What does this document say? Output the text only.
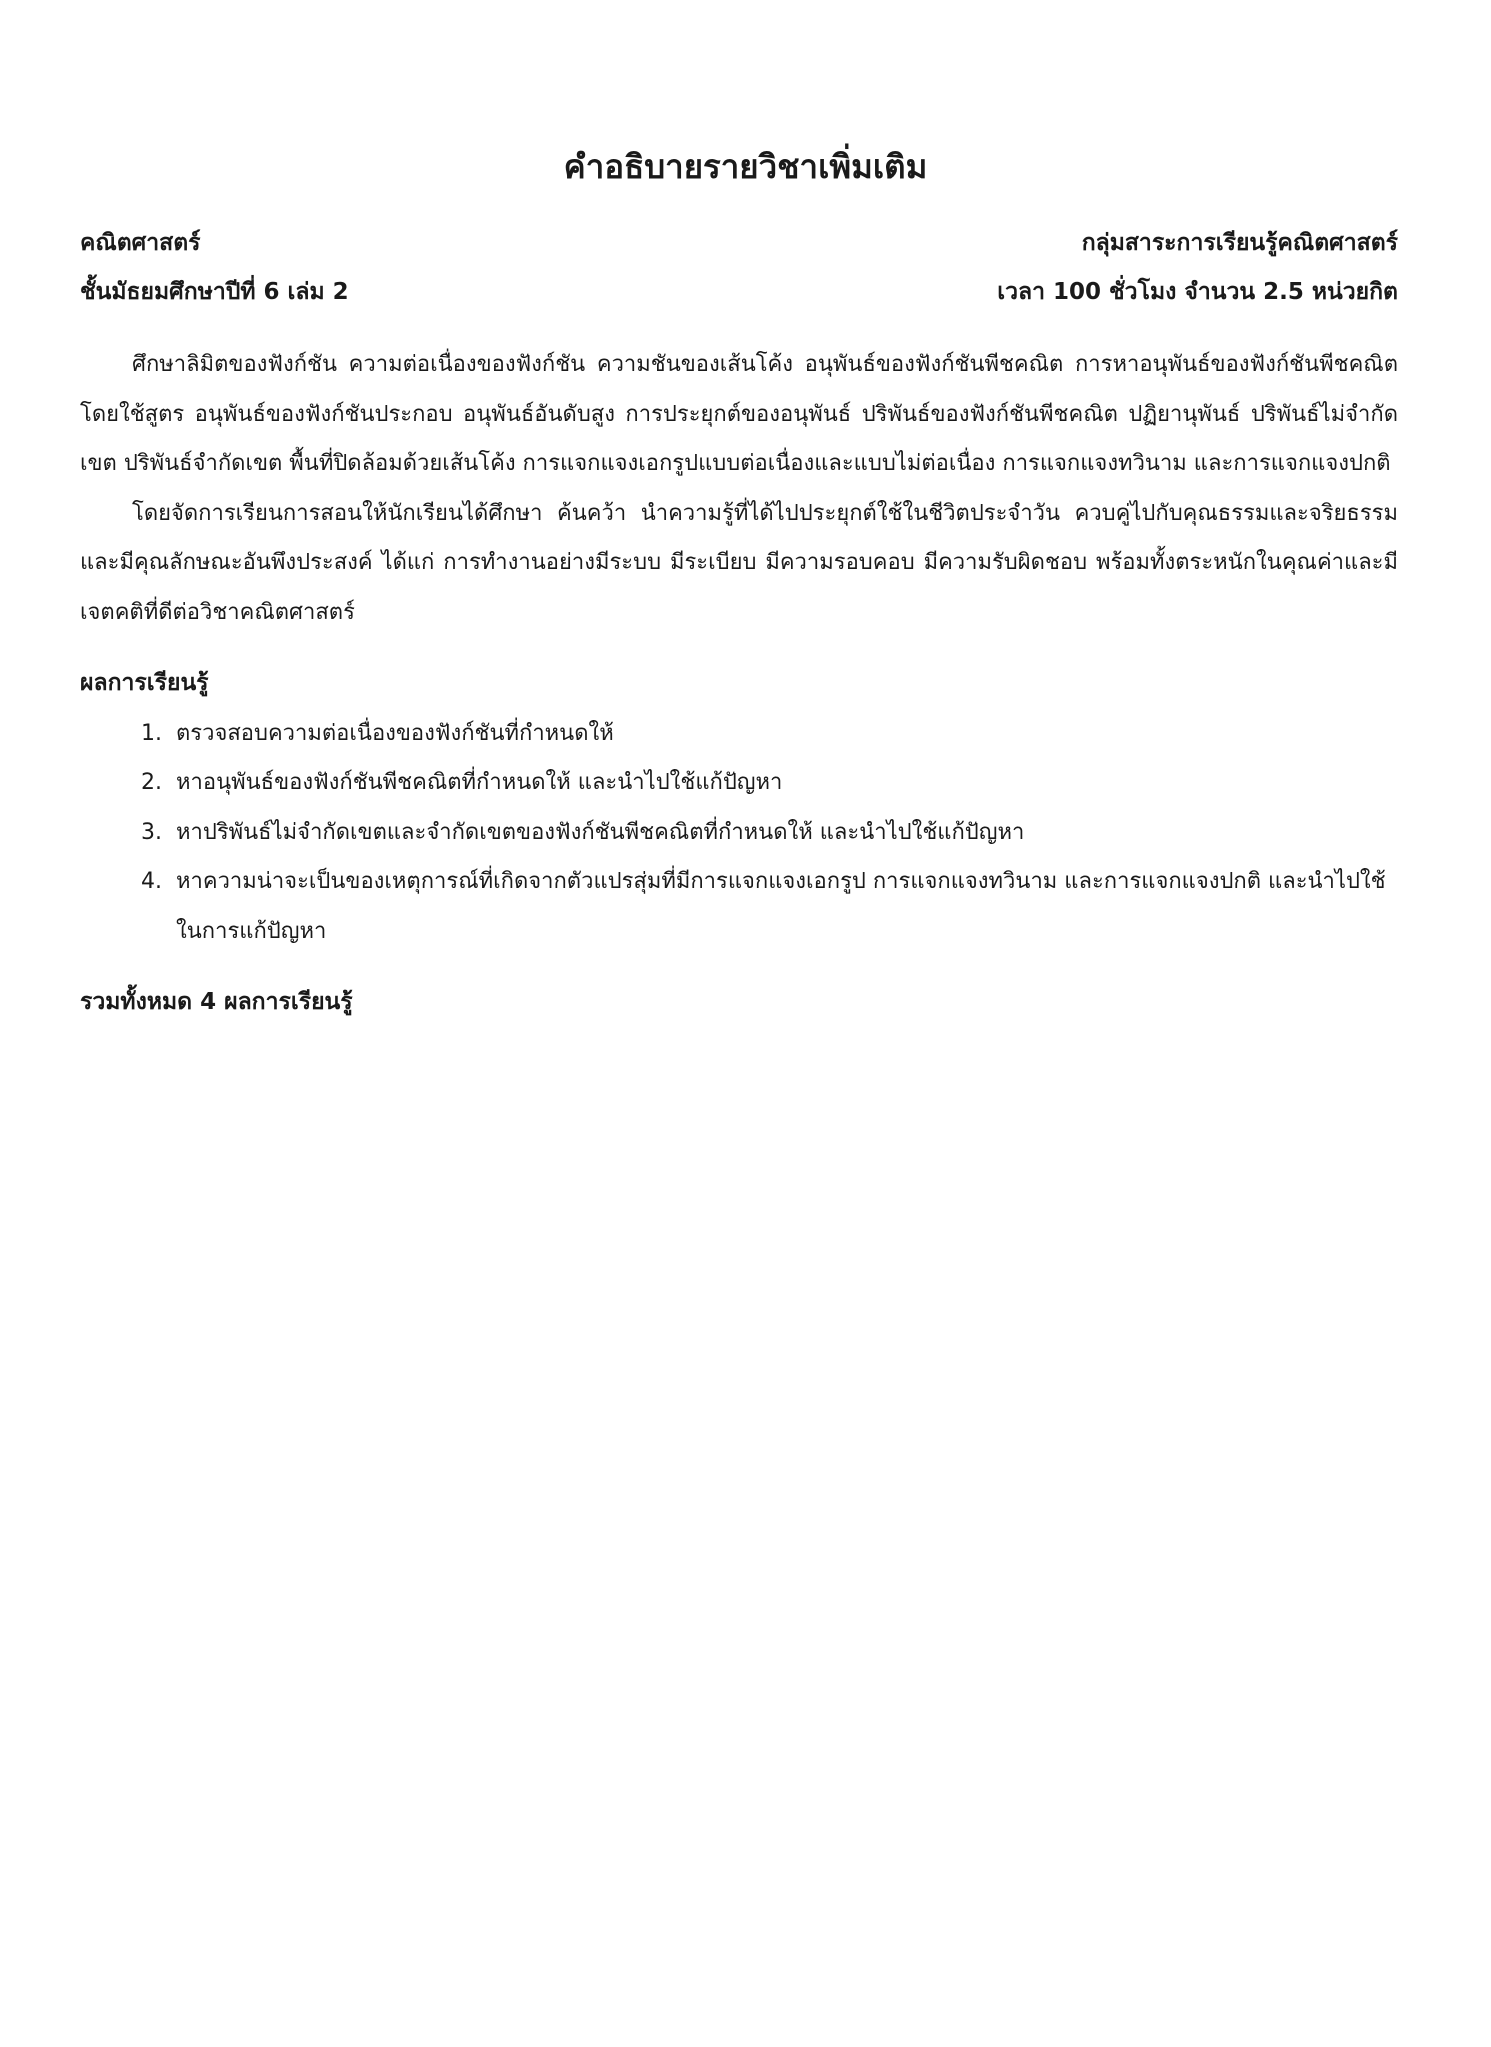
คำอธิบายรายวิชาเพิ่มเติม
คณิตศาสตร์	กลุ่มสาระการเรียนรู้คณิตศาสตร์
ชั้นมัธยมศึกษาปีที่ 6 เล่ม 2	เวลา 100 ชั่วโมง จำนวน 2.5 หน่วยกิต

ศึกษาลิมิตของฟังก์ชัน ความต่อเนื่องของฟังก์ชัน ความชันของเส้นโค้ง อนุพันธ์ของฟังก์ชันพีชคณิต การหาอนุพันธ์ของฟังก์ชันพีชคณิตโดยใช้สูตร อนุพันธ์ของฟังก์ชันประกอบ อนุพันธ์อันดับสูง การประยุกต์ของอนุพันธ์ ปริพันธ์ของฟังก์ชันพีชคณิต ปฏิยานุพันธ์ ปริพันธ์ไม่จำกัดเขต ปริพันธ์จำกัดเขต พื้นที่ปิดล้อมด้วยเส้นโค้ง การแจกแจงเอกรูปแบบต่อเนื่องและแบบไม่ต่อเนื่อง การแจกแจงทวินาม และการแจกแจงปกติ

โดยจัดการเรียนการสอนให้นักเรียนได้ศึกษา ค้นคว้า นำความรู้ที่ได้ไปประยุกต์ใช้ในชีวิตประจำวัน ควบคู่ไปกับคุณธรรมและจริยธรรม และมีคุณลักษณะอันพึงประสงค์ ได้แก่ การทำงานอย่างมีระบบ มีระเบียบ มีความรอบคอบ มีความรับผิดชอบ พร้อมทั้งตระหนักในคุณค่าและมีเจตคติที่ดีต่อวิชาคณิตศาสตร์

ผลการเรียนรู้

1. ตรวจสอบความต่อเนื่องของฟังก์ชันที่กำหนดให้
2. หาอนุพันธ์ของฟังก์ชันพีชคณิตที่กำหนดให้ และนำไปใช้แก้ปัญหา
3. หาปริพันธ์ไม่จำกัดเขตและจำกัดเขตของฟังก์ชันพีชคณิตที่กำหนดให้ และนำไปใช้แก้ปัญหา
4. หาความน่าจะเป็นของเหตุการณ์ที่เกิดจากตัวแปรสุ่มที่มีการแจกแจงเอกรูป การแจกแจงทวินาม และการแจกแจงปกติ และนำไปใช้ในการแก้ปัญหา

รวมทั้งหมด 4 ผลการเรียนรู้
